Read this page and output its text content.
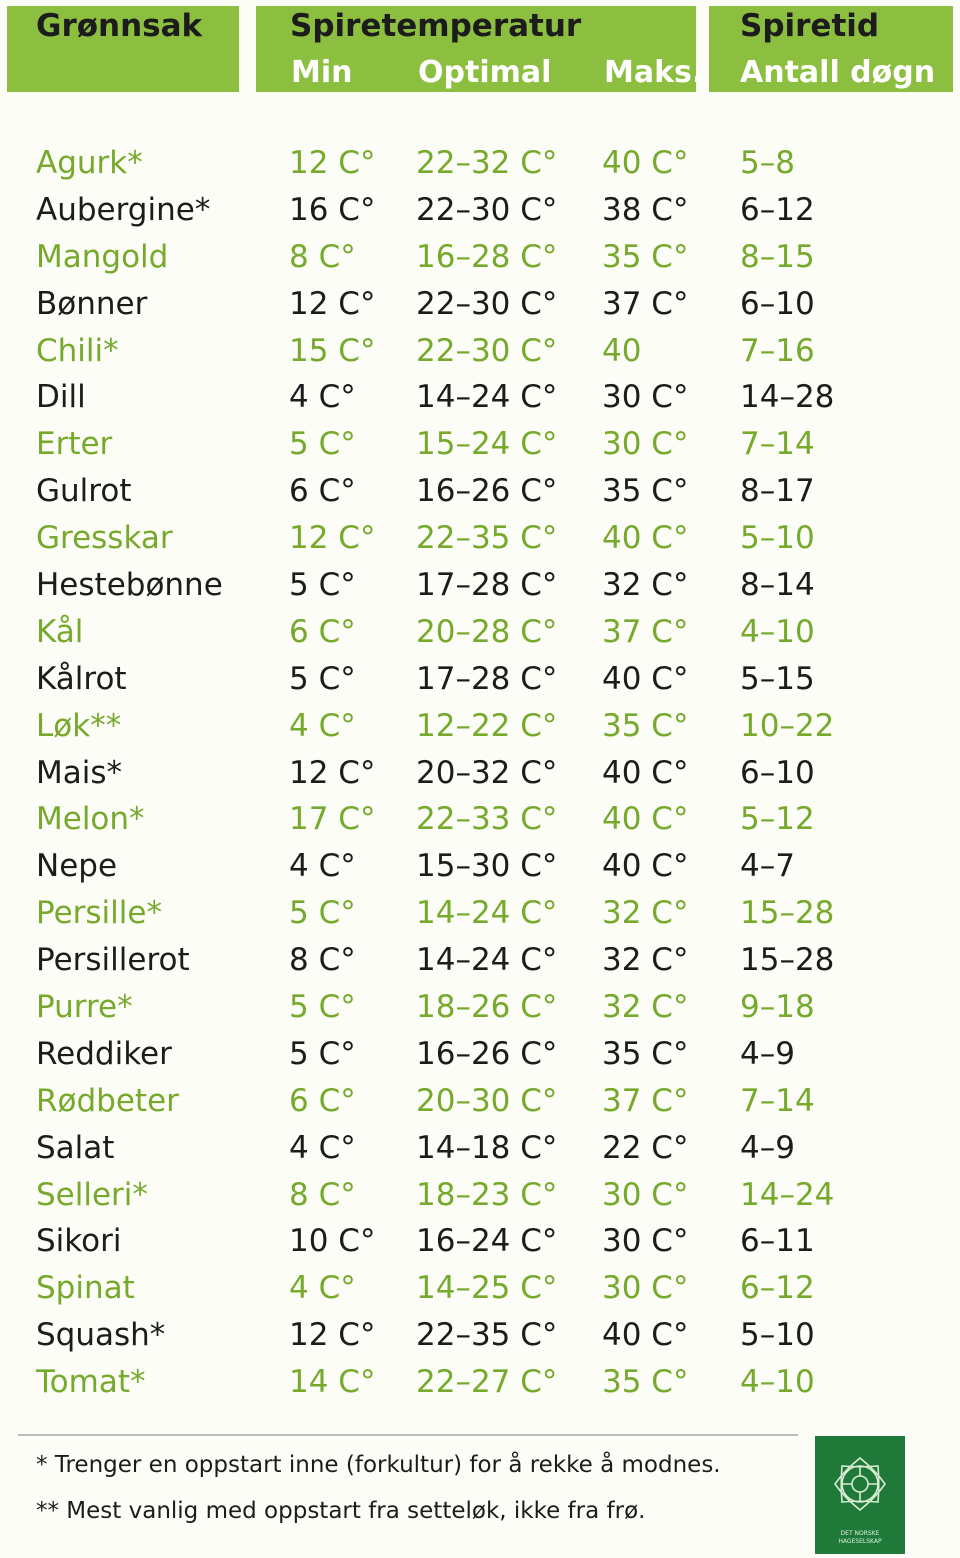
Grønnsak	Spiretemperatur
Min Optimal Maks.
Spiretid
Antall døgn
Agurk*	12 C° 22–32 C° 40 C° 5–8
Aubergine*	16 C° 22–30 C° 38 C° 6–12
Mangold	8 C° 16–28 C° 35 C° 8–15
Bønner	12 C° 22–30 C° 37 C° 6–10
Chili*	15 C° 22–30 C° 40	7–16
Dill	4 C° 14–24 C° 30 C° 14–28
Erter	5 C° 15–24 C° 30 C° 7–14
Gulrot	6 C° 16–26 C° 35 C° 8–17
Gresskar	12 C° 22–35 C° 40 C° 5–10
Hestebønne 5 C° 17–28 C° 32 C° 8–14
Kål	6 C° 20–28 C° 37 C° 4–10
Kålrot	5 C° 17–28 C° 40 C° 5–15
Løk**	4 C° 12–22 C° 35 C° 10–22
Mais*	12 C° 20–32 C° 40 C° 6–10
Melon*	17 C° 22–33 C° 40 C° 5–12
Nepe	4 C° 15–30 C° 40 C° 4–7
Persille*	5 C° 14–24 C° 32 C° 15–28
Persillerot	8 C° 14–24 C° 32 C° 15–28
Purre*	5 C° 18–26 C° 32 C° 9–18
Reddiker	5 C° 16–26 C° 35 C° 4–9
Rødbeter	6 C° 20–30 C° 37 C° 7–14
Salat	4 C° 14–18 C° 22 C° 4–9
Selleri*	8 C° 18–23 C° 30 C° 14–24
Sikori	10 C° 16–24 C° 30 C° 6–11
Spinat	4 C° 14–25 C° 30 C° 6–12
Squash*	12 C° 22–35 C° 40 C° 5–10
Tomat*	14 C° 22–27 C° 35 C° 4–10
* Trenger en oppstart inne (forkultur) for å rekke å modnes.
** Mest vanlig med oppstart fra setteløk, ikke fra frø.
DET NORSKE
HAGESELSKAP
